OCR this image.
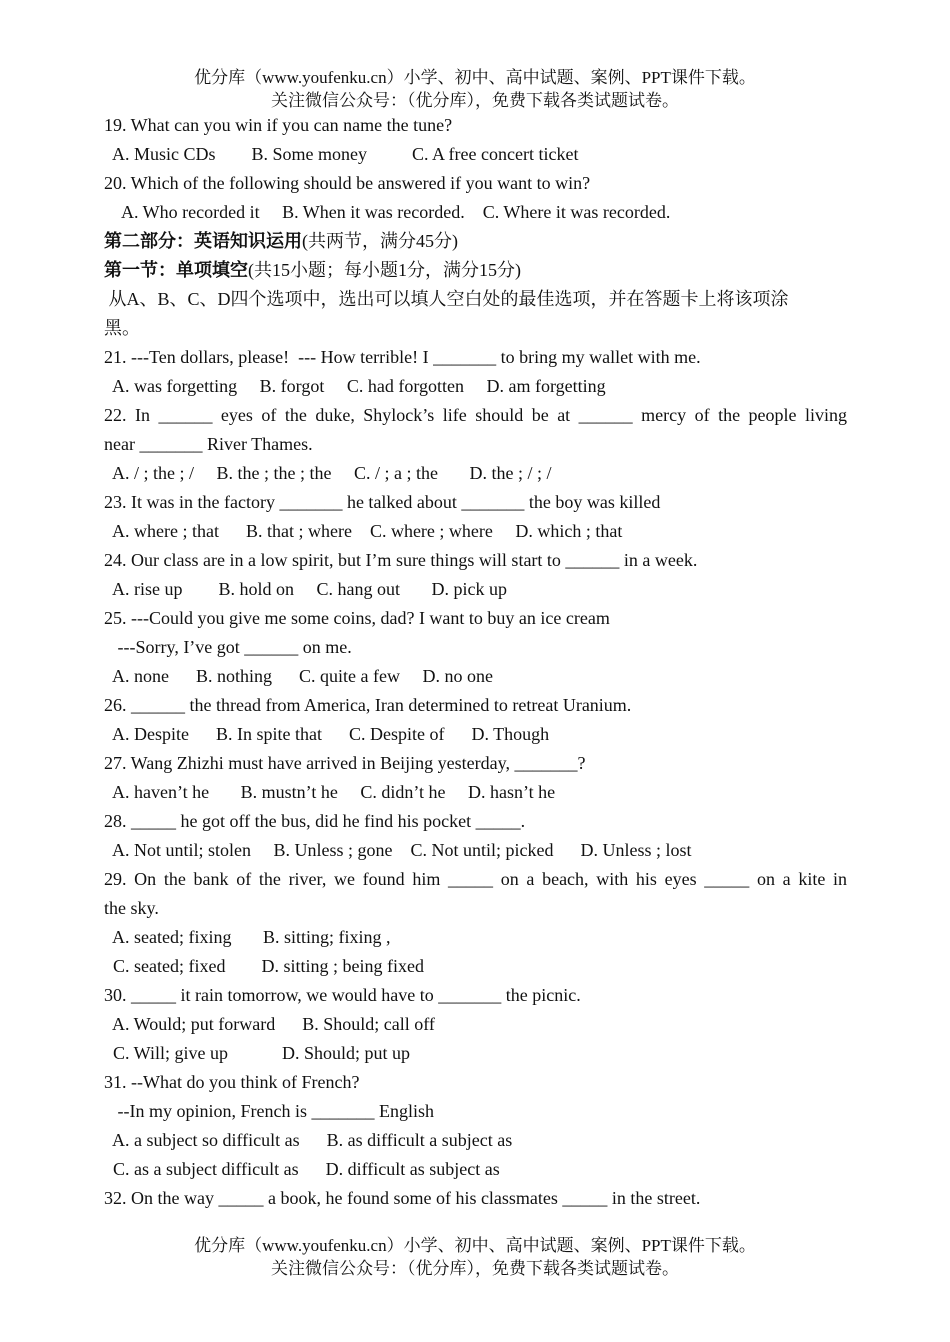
优分库（www.youfenku.cn）小学、初中、高中试题、案例、PPT课件下载。
关注微信公众号：（优分库），免费下载各类试题试卷。
19. What can you win if you can name the tune?
A. Music CDs        B. Some money          C. A free concert ticket
20. Which of the following should be answered if you want to win?
A. Who recorded it     B. When it was recorded.    C. Where it was recorded.
第二部分：英语知识运用(共两节，满分45分)
第一节：单项填空(共15小题；每小题1分，满分15分)
从A、B、C、D四个选项中，选出可以填人空白处的最佳选项，并在答题卡上将该项涂
黑。
21. ---Ten dollars, please!  --- How terrible! I _______ to bring my wallet with me.
A. was forgetting     B. forgot     C. had forgotten     D. am forgetting
22. In ______ eyes of the duke, Shylock’s life should be at ______ mercy of the people living
near _______ River Thames.
A. / ; the ; /     B. the ; the ; the     C. / ; a ; the       D. the ; / ; /
23. It was in the factory _______ he talked about _______ the boy was killed
A. where ; that      B. that ; where    C. where ; where     D. which ; that
24. Our class are in a low spirit, but I’m sure things will start to ______ in a week.
A. rise up        B. hold on     C. hang out       D. pick up
25. ---Could you give me some coins, dad? I want to buy an ice cream
---Sorry, I’ve got ______ on me.
A. none      B. nothing      C. quite a few     D. no one
26. ______ the thread from America, Iran determined to retreat Uranium.
A. Despite      B. In spite that      C. Despite of      D. Though
27. Wang Zhizhi must have arrived in Beijing yesterday, _______?
A. haven’t he       B. mustn’t he     C. didn’t he     D. hasn’t he
28. _____ he got off the bus, did he find his pocket _____.
A. Not until; stolen     B. Unless ; gone    C. Not until; picked      D. Unless ; lost
29. On the bank of the river, we found him _____ on a beach, with his eyes _____ on a kite in
the sky.
A. seated; fixing       B. sitting; fixing ,
C. seated; fixed        D. sitting ; being fixed
30. _____ it rain tomorrow, we would have to _______ the picnic.
A. Would; put forward      B. Should; call off
C. Will; give up            D. Should; put up
31. --What do you think of French?
--In my opinion, French is _______ English
A. a subject so difficult as      B. as difficult a subject as
C. as a subject difficult as      D. difficult as subject as
32. On the way _____ a book, he found some of his classmates _____ in the street.
优分库（www.youfenku.cn）小学、初中、高中试题、案例、PPT课件下载。
关注微信公众号：（优分库），免费下载各类试题试卷。
